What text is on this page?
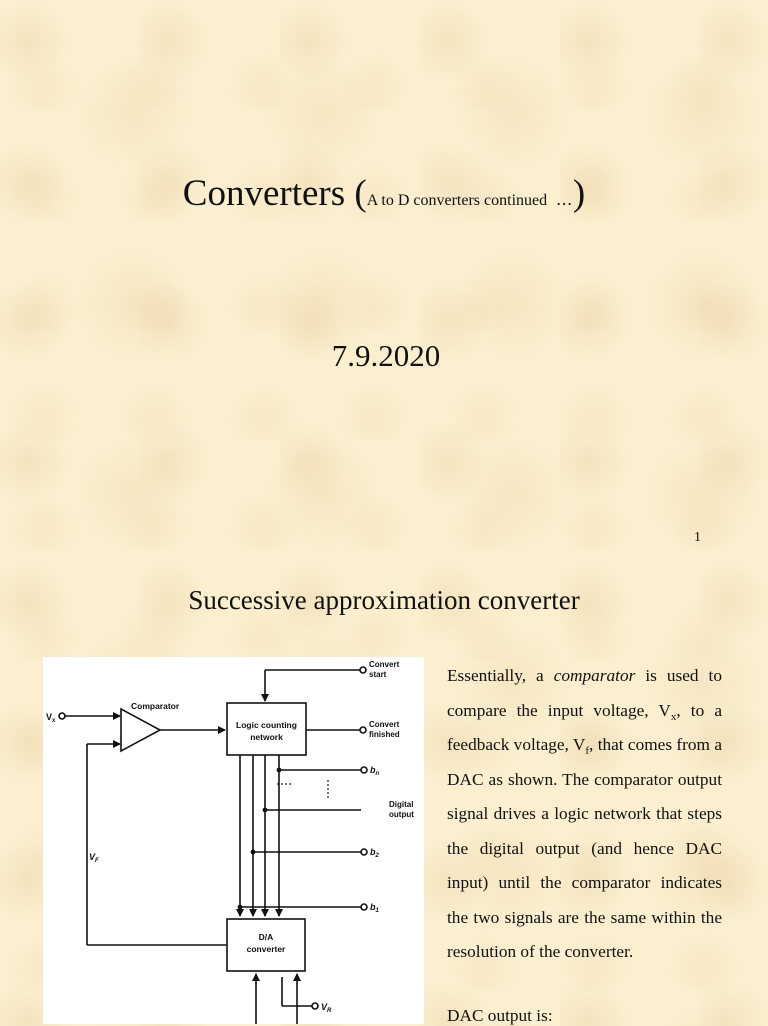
Converters (A to D converters continued ...)
7.9.2020
1
Successive approximation converter
$V_x$
Comparator
Logic counting
network
Convert
start
Convert
finished
$b_n$
Digital
output
$b_2$
$b_1$
$V_F$
D/A
converter
$V_R$

Essentially, a comparator is used to compare the input voltage, $V_x$, to a feedback voltage, $V_f$, that comes from a DAC as shown. The comparator output signal drives a logic network that steps the digital output (and hence DAC input) until the comparator indicates the two signals are the same within the resolution of the converter.

DAC output is:
